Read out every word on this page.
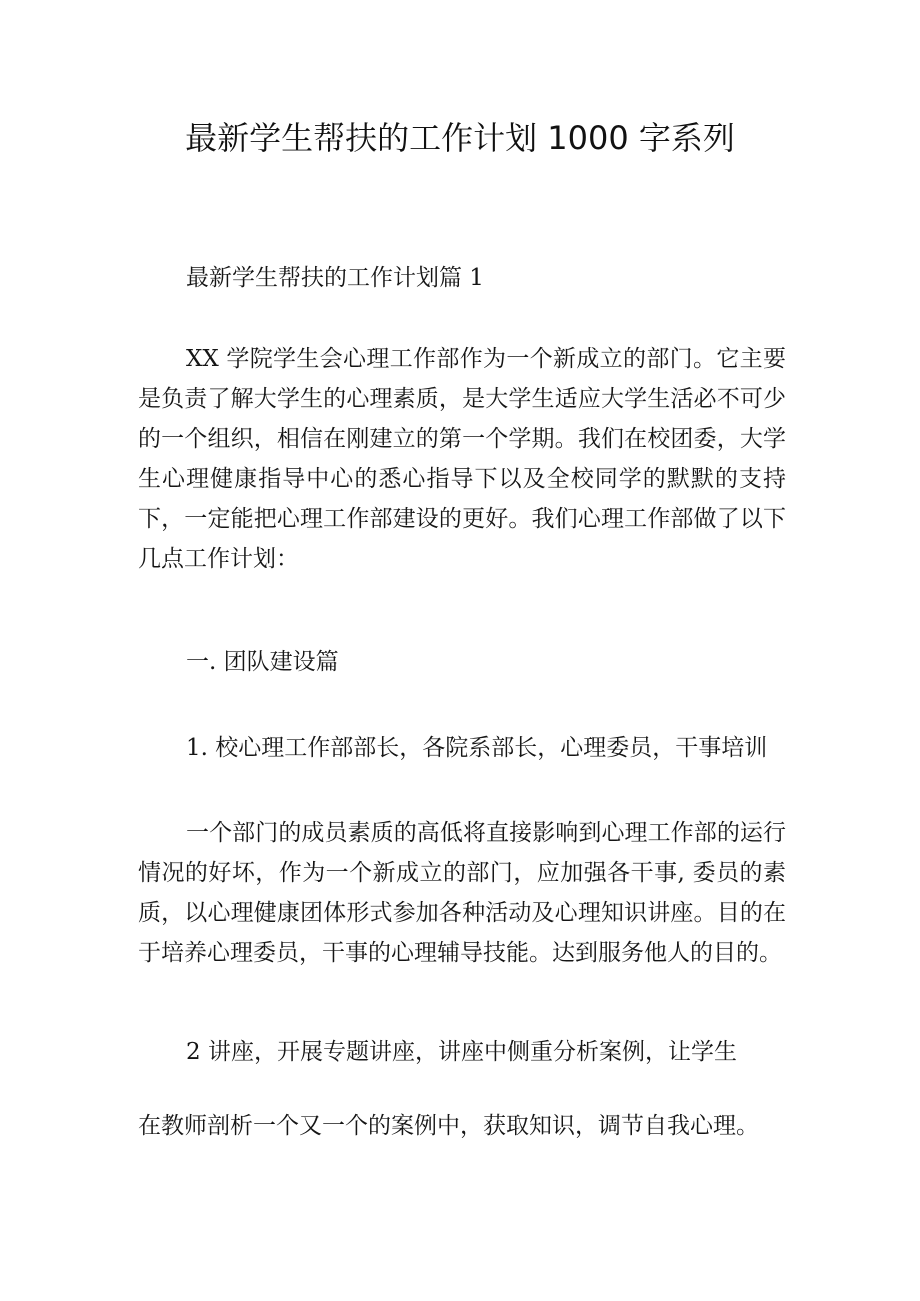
最新学生帮扶的工作计划 1000 字系列

最新学生帮扶的工作计划篇 1

XX 学院学生会心理工作部作为一个新成立的部门。它主要是负责了解大学生的心理素质，是大学生适应大学生活必不可少的一个组织，相信在刚建立的第一个学期。我们在校团委，大学生心理健康指导中心的悉心指导下以及全校同学的默默的支持下，一定能把心理工作部建设的更好。我们心理工作部做了以下几点工作计划：

一. 团队建设篇

1. 校心理工作部部长，各院系部长，心理委员，干事培训

一个部门的成员素质的高低将直接影响到心理工作部的运行情况的好坏，作为一个新成立的部门，应加强各干事, 委员的素质，以心理健康团体形式参加各种活动及心理知识讲座。目的在于培养心理委员，干事的心理辅导技能。达到服务他人的目的。

2 讲座，开展专题讲座，讲座中侧重分析案例，让学生

在教师剖析一个又一个的案例中，获取知识，调节自我心理。
